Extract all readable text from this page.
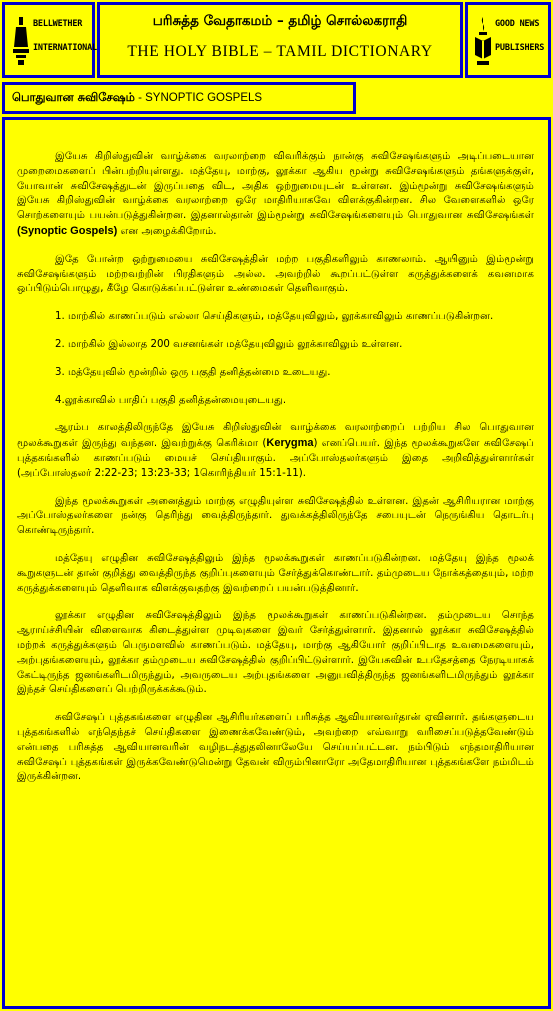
BELLWETHER
INTERNATIONAL
பரிசுத்த வேதாகமம் – தமிழ் சொல்லகராதி
THE HOLY BIBLE – TAMIL DICTIONARY
GOOD NEWS
PUBLISHERS
பொதுவான சுவிசேஷம் - SYNOPTIC GOSPELS

இயேசு கிறிஸ்துவின் வாழ்க்கை வரலாற்றை விவரிக்கும் நான்கு சுவிசேஷங்களும் அடிப்படையான முறைமைகளைப் பின்பற்றியுள்ளது. மத்தேயு, மாற்கு, லூக்கா ஆகிய மூன்று சுவிசேஷங்களும் தங்களுக்குள், யோவான் சுவிசேஷத்துடன் இருப்பதை விட, அதிக ஒற்றுமையுடன் உள்ளன. இம்மூன்று சுவிசேஷங்களும் இயேசு கிறிஸ்துவின் வாழ்க்கை வரலாற்றை ஒரே மாதிரியாகவே விளக்குகின்றன. சில வேளைகளில் ஒரே சொற்களையும் பயன்படுத்துகின்றன. இதனால்தான் இம்மூன்று சுவிசேஷங்களையும் பொதுவான சுவிசேஷங்கள் (Synoptic Gospels) என அழைக்கிறோம்.

இதே போன்ற ஒற்றுமையை சுவிசேஷத்தின் மற்ற பகுதிகளிலும் காணலாம். ஆயினும் இம்மூன்று சுவிசேஷங்களும் மற்றவற்றின் பிரதிகளும் அல்ல. அவற்றில் கூறப்பட்டுள்ள கருத்துக்களைக் கவனமாக ஒப்பிடும்பொழுது, கீழே கொடுக்கப்பட்டுள்ள உண்மைகள் தெளிவாகும்.

1. மாற்கில் காணப்படும் எல்லா செய்திகளும், மத்தேயுவிலும், லூக்காவிலும் காணப்படுகின்றன.

2. மாற்கில் இல்லாத 200 வசனங்கள் மத்தேயுவிலும் லூக்காவிலும் உள்ளன.

3. மத்தேயுவில் மூன்றில் ஒரு பகுதி தனித்தன்மை உடையது.

4.லூக்காவில் பாதிப் பகுதி தனித்தன்மையுடையது.

ஆரம்ப காலத்திலிருந்தே இயேசு கிறிஸ்துவின் வாழ்க்கை வரலாற்றைப் பற்றிய சில பொதுவான மூலக்கூறுகள் இருந்து வந்தன. இவற்றுக்கு கெரிக்மா (Kerygma) எனப்பெயர். இந்த மூலக்கூறுகளே சுவிசேஷப் புத்தகங்களில் காணப்படும் மையச் செய்தியாகும். அப்போஸ்தலர்களும் இதை அறிவித்துள்ளார்கள் (அப்போஸ்தலர் 2:22-23; 13:23-33; 1கொரிந்தியர் 15:1-11).

இந்த மூலக்கூறுகள் அனைத்தும் மாற்கு எழுதியுள்ள சுவிசேஷத்தில் உள்ளன. இதன் ஆசிரியரான மாற்கு அப்போஸ்தலர்களை நன்கு தெரிந்து வைத்திருந்தார். துவக்கத்திலிருந்தே சபையுடன் நெருங்கிய தொடர்பு கொண்டிருந்தார்.

மத்தேயு எழுதின சுவிசேஷத்திலும் இந்த மூலக்கூறுகள் காணப்படுகின்றன. மத்தேயு இந்த மூலக் கூறுகளுடன் தான் குறித்து வைத்திருந்த குறிப்புகளையும் சேர்த்துக்கொண்டார். தம்முடைய நோக்கத்தையும், மற்ற கருத்துக்களையும் தெளிவாக விளக்குவதற்கு இவற்றைப் பயன்படுத்தினார்.

லூக்கா எழுதின சுவிசேஷத்திலும் இந்த மூலக்கூறுகள் காணப்படுகின்றன. தம்முடைய சொந்த ஆராய்ச்சியின் விளைவாக கிடைத்துள்ள முடிவுகளை இவர் சேர்த்துள்ளார். இதனால் லூக்கா சுவிசேஷத்தில் மற்றக் கருத்துக்களும் பெருமளவில் காணப்படும். மத்தேயு, மாற்கு ஆகியோர் குறிப்பிடாத உவமைகளையும், அற்புதங்களையும், லூக்கா தம்முடைய சுவிசேஷத்தில் குறிப்பிட்டுள்ளார். இயேசுவின் உபதேசத்தை நேரடியாகக் கேட்டிருந்த ஜனங்களிடமிருந்தும், அவருடைய அற்புதங்களை அனுபவித்திருந்த ஜனங்களிடமிருந்தும் லூக்கா இந்தச் செய்திகளைப் பெற்றிருக்கக்கூடும்.

சுவிசேஷப் புத்தகங்களை எழுதின ஆசிரியர்களைப் பரிசுத்த ஆவியானவர்தான் ஏவினார். தங்களுடைய புத்தகங்களில் எந்தெந்தச் செய்திகளை இணைக்கவேண்டும், அவற்றை எவ்வாறு வரிசைப்படுத்தவேண்டும் என்பதை பரிசுத்த ஆவியானவரின் வழிநடத்துதலினாலேயே செய்யப்பட்டன. நம்பிடும் எந்தமாதிரியான சுவிசேஷப் புத்தகங்கள் இருக்கவேண்டுமென்று தேவன் விரும்பினாரோ அதேமாதிரியான புத்தகங்களே நம்மிடம் இருக்கின்றன.
